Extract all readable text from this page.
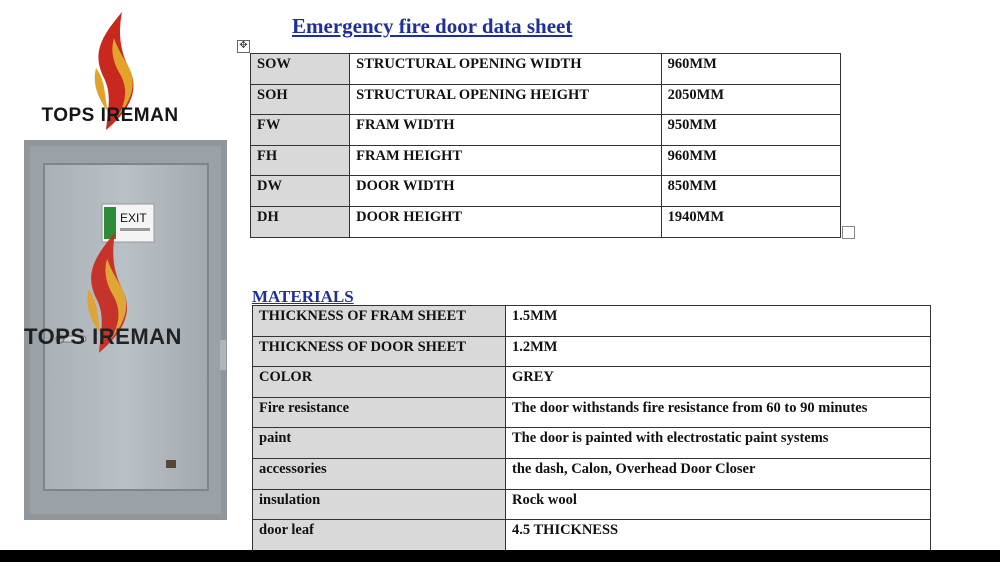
TOPS IREMAN
EXIT
TOPS IREMAN
Emergency fire door data sheet
✥
SOW	STRUCTURAL OPENING WIDTH	960MM
SOH	STRUCTURAL OPENING HEIGHT	2050MM
FW	FRAM WIDTH	950MM
FH	FRAM HEIGHT	960MM
DW	DOOR WIDTH	850MM
DH	DOOR HEIGHT	1940MM
MATERIALS
THICKNESS OF FRAM SHEET	1.5MM
THICKNESS OF DOOR SHEET	1.2MM
COLOR	GREY
Fire resistance	The door withstands fire resistance from 60 to 90 minutes
paint	The door is painted with electrostatic paint systems
accessories	the dash, Calon, Overhead Door Closer
insulation	Rock wool
door leaf	4.5 THICKNESS
